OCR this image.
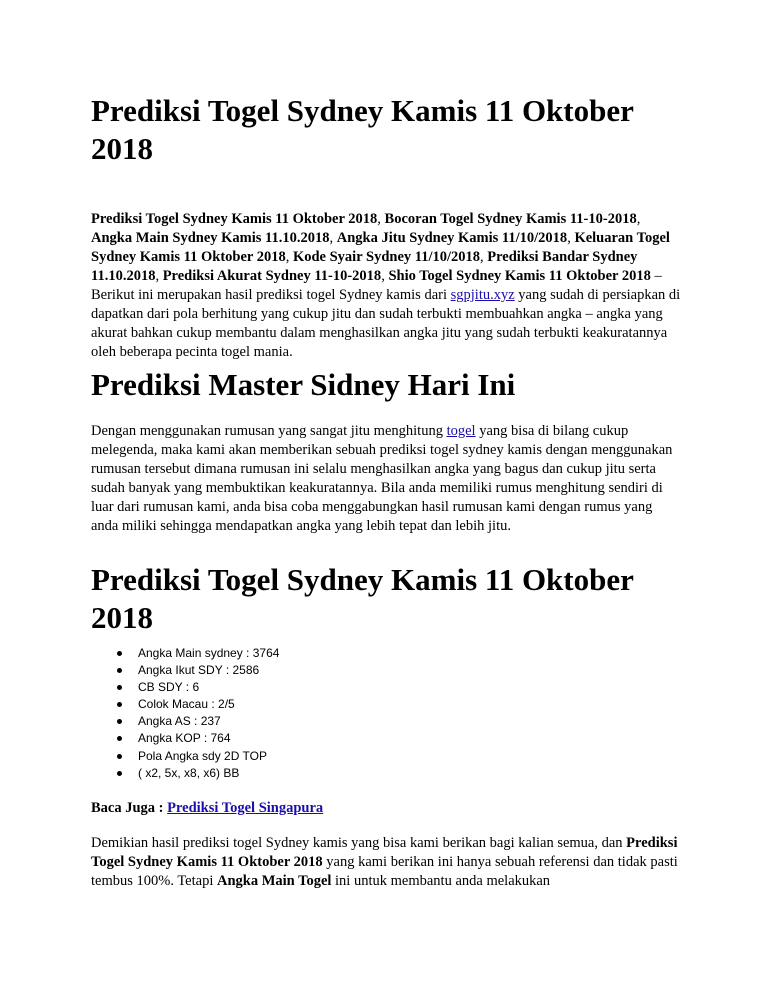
Prediksi Togel Sydney Kamis 11 Oktober 2018

Prediksi Togel Sydney Kamis 11 Oktober 2018, Bocoran Togel Sydney Kamis 11-10-2018, Angka Main Sydney Kamis 11.10.2018, Angka Jitu Sydney Kamis 11/10/2018, Keluaran Togel Sydney Kamis 11 Oktober 2018, Kode Syair Sydney 11/10/2018, Prediksi Bandar Sydney 11.10.2018, Prediksi Akurat Sydney 11-10-2018, Shio Togel Sydney Kamis 11 Oktober 2018 – Berikut ini merupakan hasil prediksi togel Sydney kamis dari sgpjitu.xyz yang sudah di persiapkan di dapatkan dari pola berhitung yang cukup jitu dan sudah terbukti membuahkan angka – angka yang akurat bahkan cukup membantu dalam menghasilkan angka jitu yang sudah terbukti keakuratannya oleh beberapa pecinta togel mania.

Prediksi Master Sidney Hari Ini

Dengan menggunakan rumusan yang sangat jitu menghitung togel yang bisa di bilang cukup melegenda, maka kami akan memberikan sebuah prediksi togel sydney kamis dengan menggunakan rumusan tersebut dimana rumusan ini selalu menghasilkan angka yang bagus dan cukup jitu serta sudah banyak yang membuktikan keakuratannya. Bila anda memiliki rumus menghitung sendiri di luar dari rumusan kami, anda bisa coba menggabungkan hasil rumusan kami dengan rumus yang anda miliki sehingga mendapatkan angka yang lebih tepat dan lebih jitu.

Prediksi Togel Sydney Kamis 11 Oktober 2018
Angka Main sydney : 3764
Angka Ikut SDY : 2586
CB SDY : 6
Colok Macau : 2/5
Angka AS : 237
Angka KOP : 764
Pola Angka sdy 2D TOP
( x2, 5x, x8, x6) BB

Baca Juga : Prediksi Togel Singapura

Demikian hasil prediksi togel Sydney kamis yang bisa kami berikan bagi kalian semua, dan Prediksi Togel Sydney Kamis 11 Oktober 2018 yang kami berikan ini hanya sebuah referensi dan tidak pasti tembus 100%. Tetapi Angka Main Togel ini untuk membantu anda melakukan
